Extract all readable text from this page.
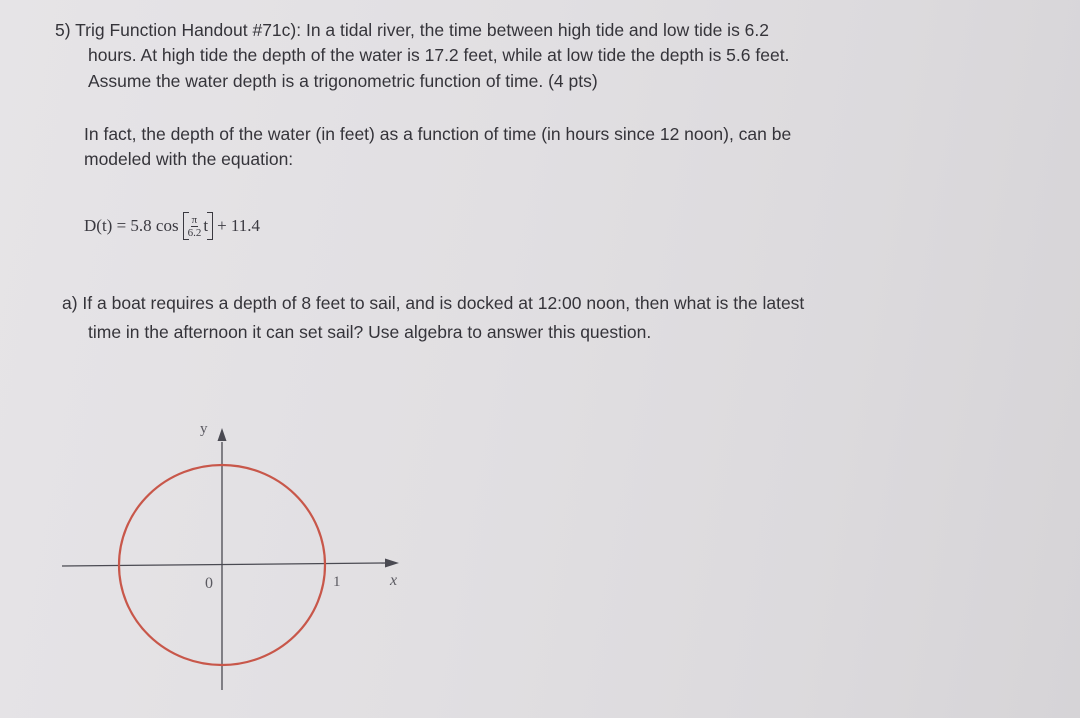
5) Trig Function Handout #71c): In a tidal river, the time between high tide and low tide is 6.2

hours. At high tide the depth of the water is 17.2 feet, while at low tide the depth is 5.6 feet.

Assume the water depth is a trigonometric function of time. (4 pts)

In fact, the depth of the water (in feet) as a function of time (in hours since 12 noon), can be

modeled with the equation:

D(t) = 5.8 $\cos \frac{\pi}{6.2}$ t + 11.4

a) If a boat requires a depth of 8 feet to sail, and is docked at 12:00 noon, then what is the latest

time in the afternoon it can set sail? Use algebra to answer this question.

y
x
0	1
